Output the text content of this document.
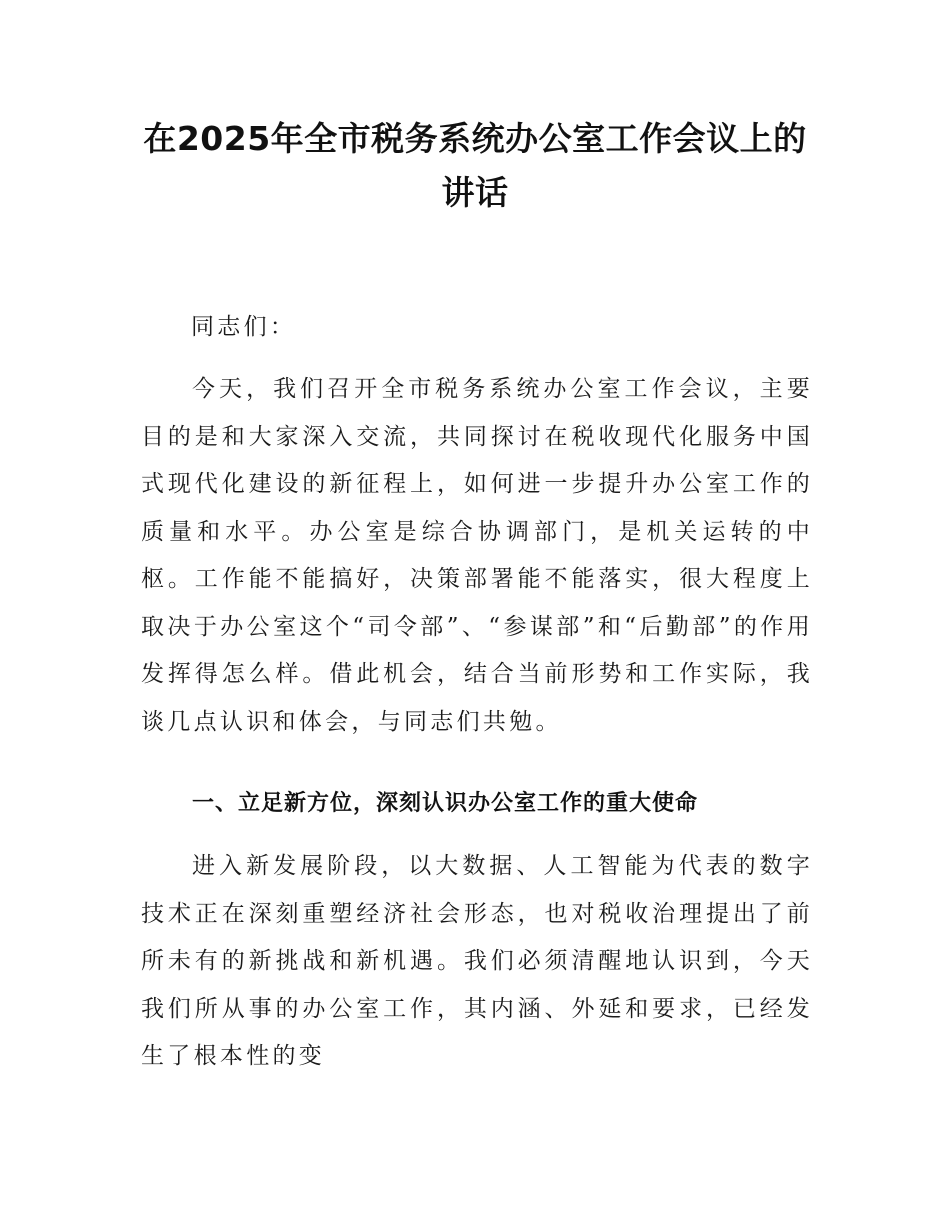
在2025年全市税务系统办公室工作会议上的讲话

同志们：

今天，我们召开全市税务系统办公室工作会议，主要目的是和大家深入交流，共同探讨在税收现代化服务中国式现代化建设的新征程上，如何进一步提升办公室工作的质量和水平。办公室是综合协调部门，是机关运转的中枢。工作能不能搞好，决策部署能不能落实，很大程度上取决于办公室这个“司令部”、“参谋部”和“后勤部”的作用发挥得怎么样。借此机会，结合当前形势和工作实际，我谈几点认识和体会，与同志们共勉。

一、立足新方位，深刻认识办公室工作的重大使命

进入新发展阶段，以大数据、人工智能为代表的数字技术正在深刻重塑经济社会形态，也对税收治理提出了前所未有的新挑战和新机遇。我们必须清醒地认识到，今天我们所从事的办公室工作，其内涵、外延和要求，已经发生了根本性的变
